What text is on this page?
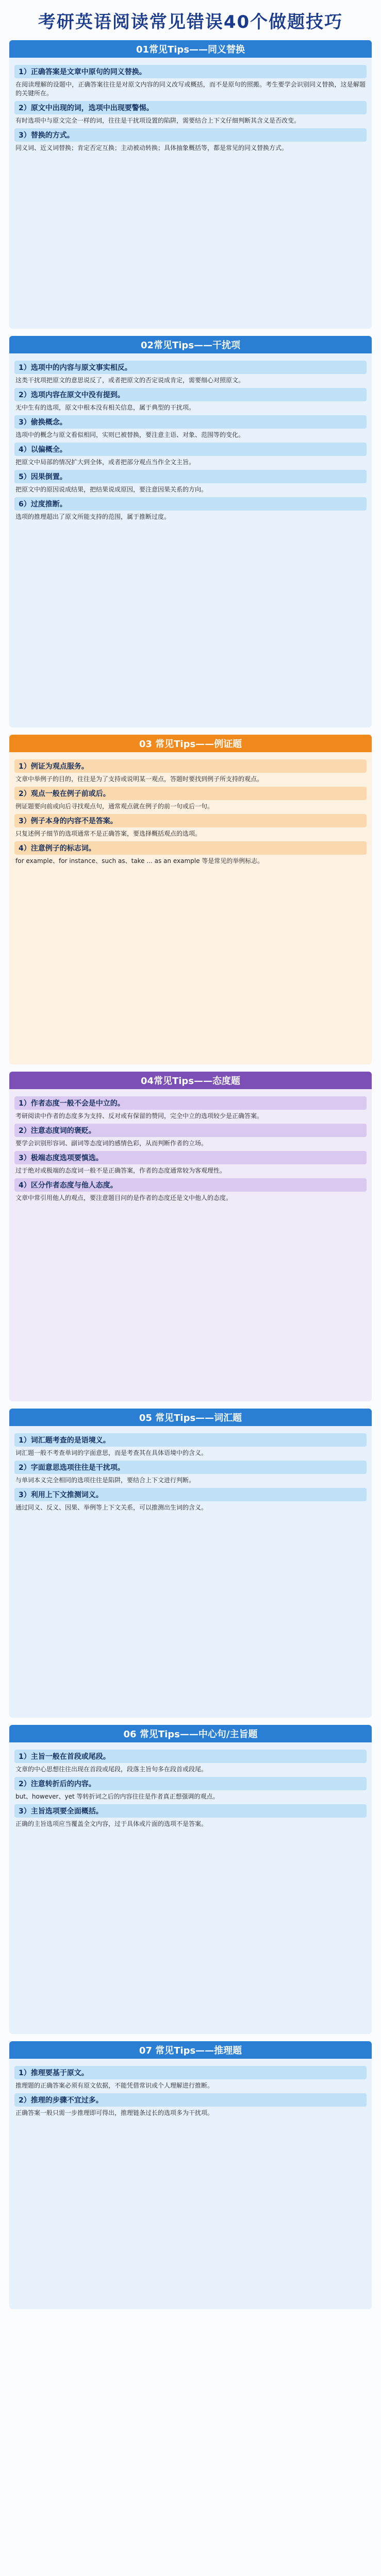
考研英语阅读常见错误40个做题技巧
01常见Tips——同义替换
1）正确答案是文章中原句的同义替换。
在阅读理解的设题中，正确答案往往是对原文内容的同义改写或概括，而不是原句的照搬。考生要学会识别同义替换，这是解题的关键所在。
2）原文中出现的词，选项中出现要警惕。
有时选项中与原文完全一样的词，往往是干扰项设置的陷阱，需要结合上下文仔细判断其含义是否改变。
3）替换的方式。
同义词、近义词替换；肯定否定互换；主动被动转换；具体抽象概括等，都是常见的同义替换方式。
02常见Tips——干扰项
1）选项中的内容与原文事实相反。
这类干扰项把原文的意思说反了，或者把原文的否定说成肯定，需要细心对照原文。
2）选项内容在原文中没有提到。
无中生有的选项，原文中根本没有相关信息，属于典型的干扰项。
3）偷换概念。
选项中的概念与原文看似相同，实则已被替换，要注意主语、对象、范围等的变化。
4）以偏概全。
把原文中局部的情况扩大到全体，或者把部分观点当作全文主旨。
5）因果倒置。
把原文中的原因说成结果，把结果说成原因，要注意因果关系的方向。
6）过度推断。
选项的推理超出了原文所能支持的范围，属于推断过度。
03 常见Tips——例证题
1）例证为观点服务。
文章中举例子的目的，往往是为了支持或说明某一观点，答题时要找到例子所支持的观点。
2）观点一般在例子前或后。
例证题要向前或向后寻找观点句，通常观点就在例子的前一句或后一句。
3）例子本身的内容不是答案。
只复述例子细节的选项通常不是正确答案，要选择概括观点的选项。
4）注意例子的标志词。
for example、for instance、such as、take ... as an example 等是常见的举例标志。
04常见Tips——态度题
1）作者态度一般不会是中立的。
考研阅读中作者的态度多为支持、反对或有保留的赞同，完全中立的选项较少是正确答案。
2）注意态度词的褒贬。
要学会识别形容词、副词等态度词的感情色彩，从而判断作者的立场。
3）极端态度选项要慎选。
过于绝对或极端的态度词一般不是正确答案，作者的态度通常较为客观理性。
4）区分作者态度与他人态度。
文章中常引用他人的观点，要注意题目问的是作者的态度还是文中他人的态度。
05 常见Tips——词汇题
1）词汇题考查的是语境义。
词汇题一般不考查单词的字面意思，而是考查其在具体语境中的含义。
2）字面意思选项往往是干扰项。
与单词本义完全相同的选项往往是陷阱，要结合上下文进行判断。
3）利用上下文推测词义。
通过同义、反义、因果、举例等上下文关系，可以推测出生词的含义。
06 常见Tips——中心句/主旨题
1）主旨一般在首段或尾段。
文章的中心思想往往出现在首段或尾段，段落主旨句多在段首或段尾。
2）注意转折后的内容。
but、however、yet 等转折词之后的内容往往是作者真正想强调的观点。
3）主旨选项要全面概括。
正确的主旨选项应当覆盖全文内容，过于具体或片面的选项不是答案。
07 常见Tips——推理题
1）推理要基于原文。
推理题的正确答案必须有原文依据，不能凭借常识或个人理解进行推断。
2）推理的步骤不宜过多。
正确答案一般只需一步推理即可得出，推理链条过长的选项多为干扰项。
